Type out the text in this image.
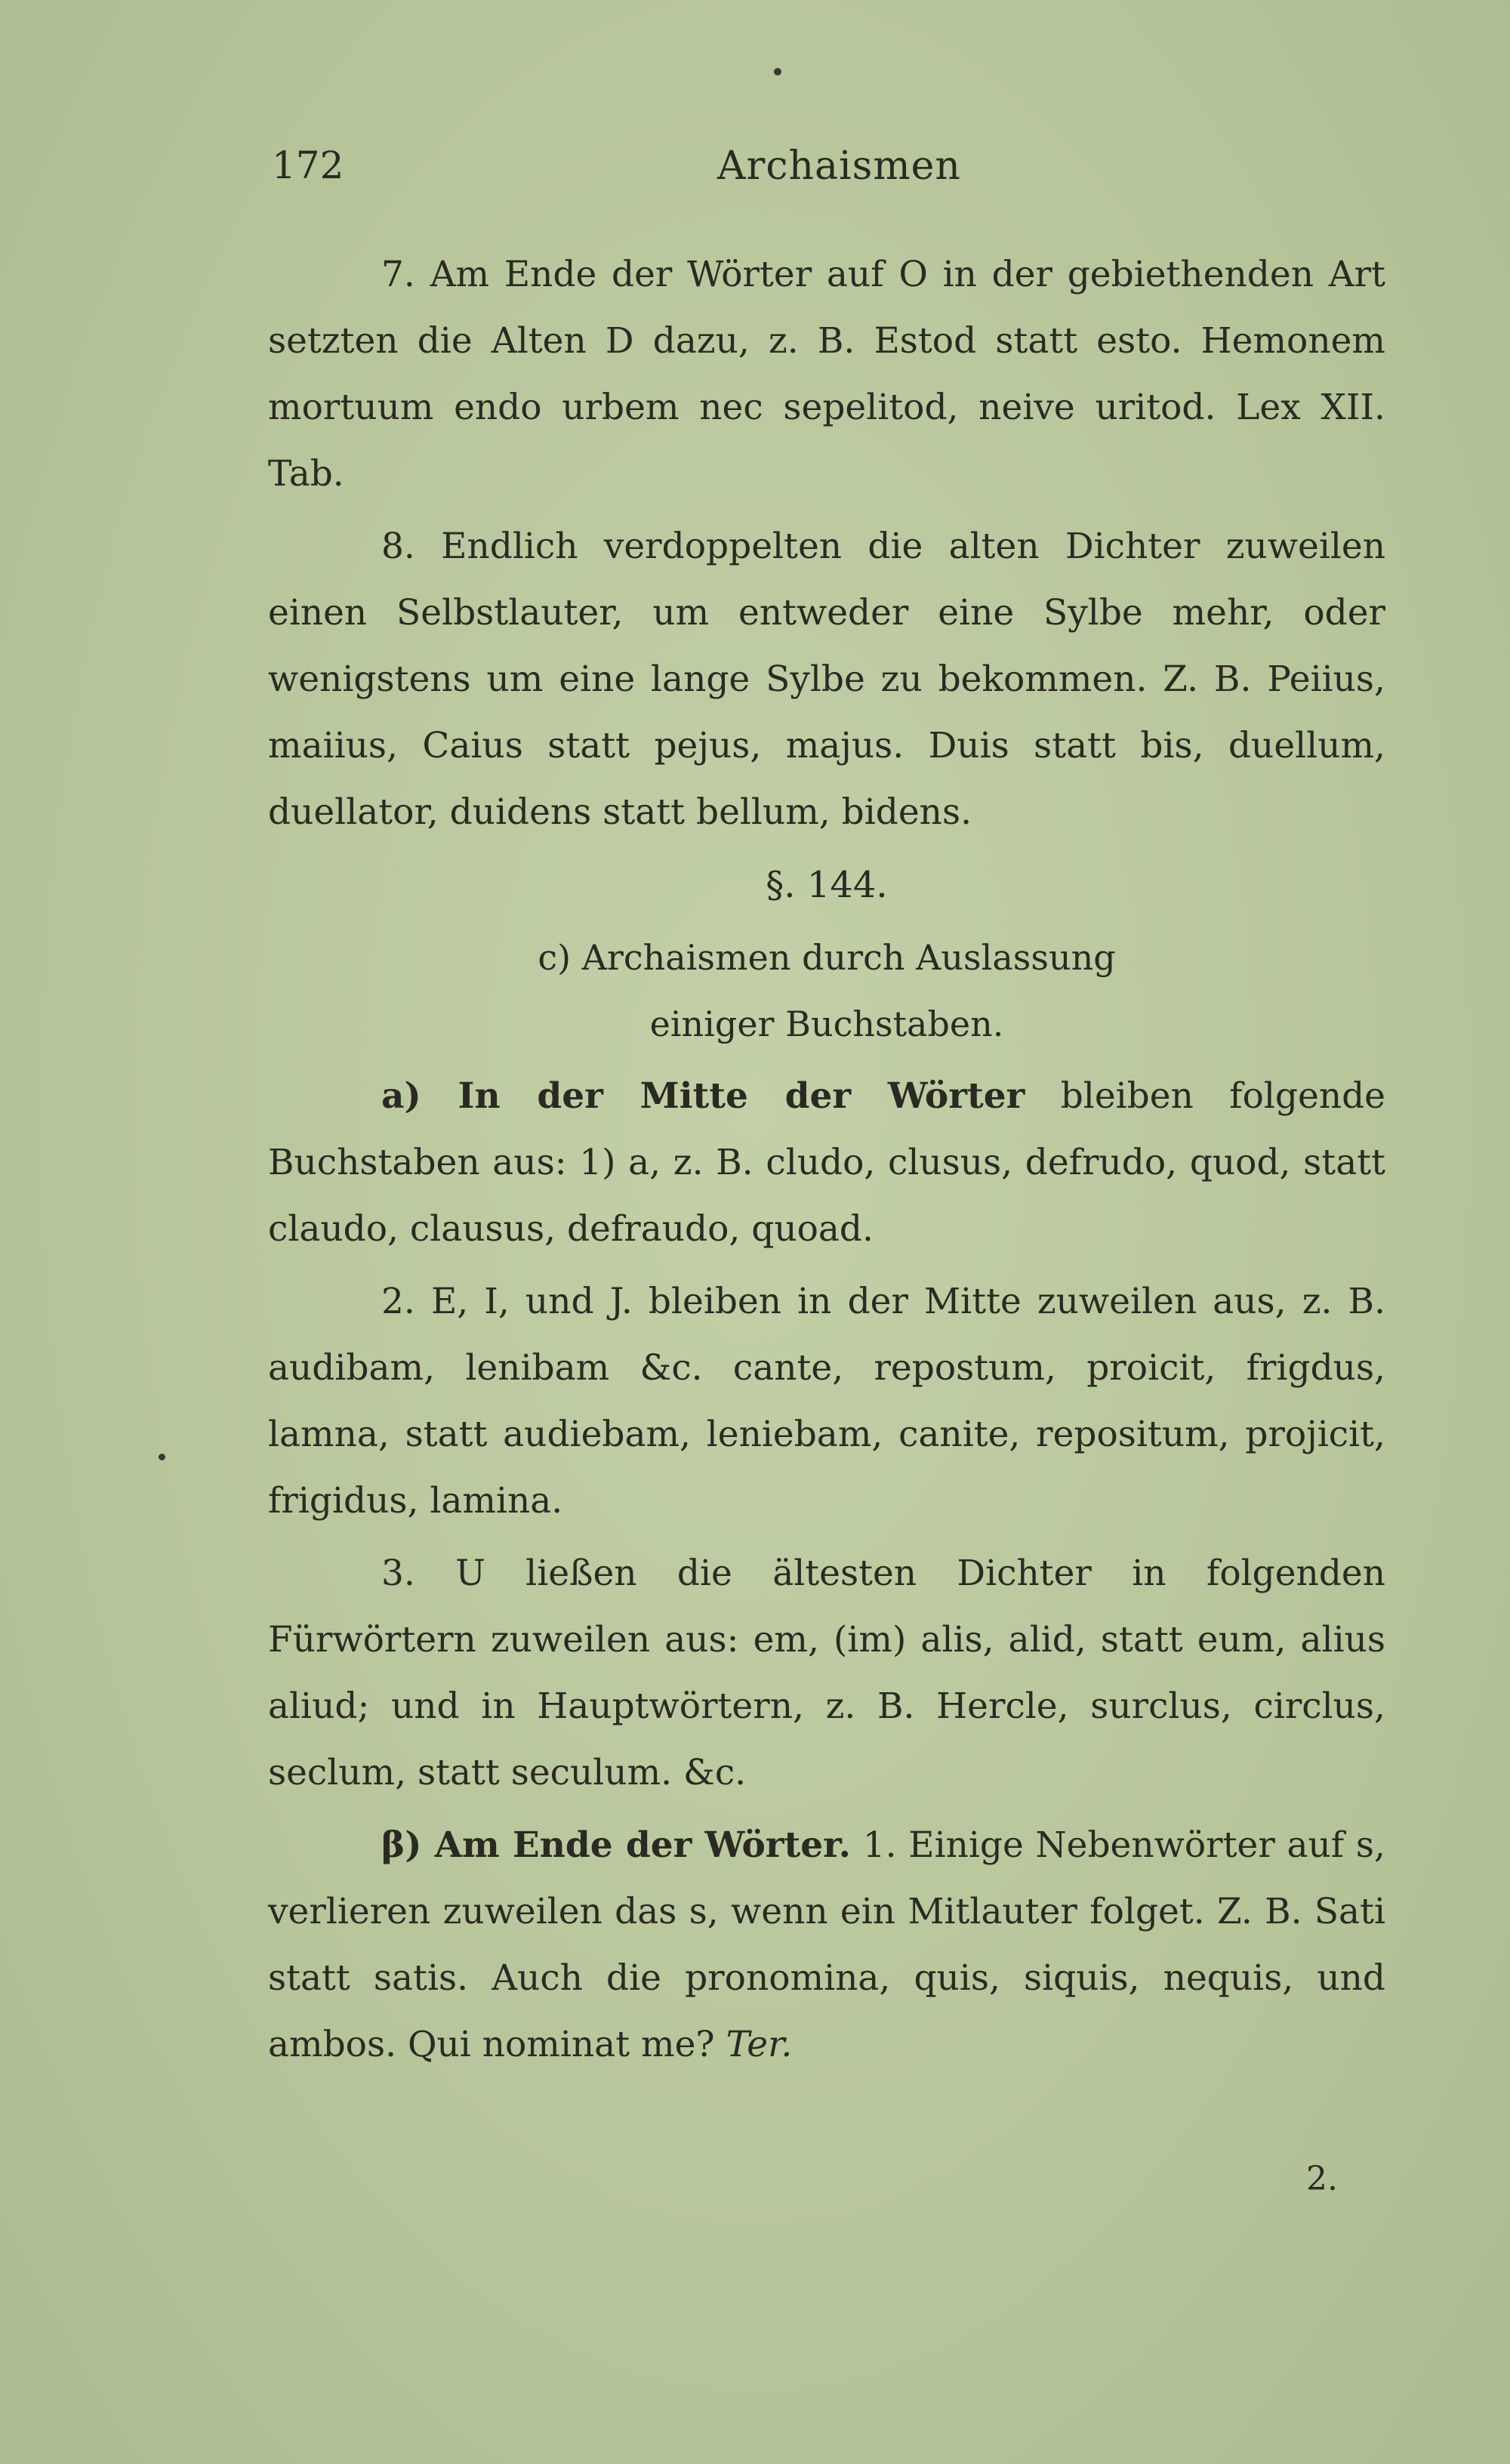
172	Archaismen

7. Am Ende der Wörter auf O in der gebiethenden Art setzten die Alten D dazu, z. B. Estod statt esto. Hemonem mortuum endo urbem nec sepelitod, neive uritod. Lex XII. Tab.

8. Endlich verdoppelten die alten Dichter zuweilen einen Selbstlauter, um entweder eine Sylbe mehr, oder wenigstens um eine lange Sylbe zu bekommen. Z. B. Peiius, maiius, Caius statt pejus, majus. Duis statt bis, duellum, duellator, duidens statt bellum, bidens.

§. 144.

c) Archaismen durch Auslassung

einiger Buchstaben.

a) In der Mitte der Wörter bleiben folgende Buchstaben aus: 1) a, z. B. cludo, clusus, defrudo, quod, statt claudo, clausus, defraudo, quoad.

2. E, I, und J. bleiben in der Mitte zuweilen aus, z. B. audibam, lenibam &c. cante, repostum, proicit, frigdus, lamna, statt audiebam, leniebam, canite, repositum, projicit, frigidus, lamina.

3. U ließen die ältesten Dichter in folgenden Fürwörtern zuweilen aus: em, (im) alis, alid, statt eum, alius aliud; und in Hauptwörtern, z. B. Hercle, surclus, circlus, seclum, statt seculum. &c.

β) Am Ende der Wörter. 1. Einige Nebenwörter auf s, verlieren zuweilen das s, wenn ein Mitlauter folget. Z. B. Sati statt satis. Auch die pronomina, quis, siquis, nequis, und ambos. Qui nominat me? Ter.

2.
